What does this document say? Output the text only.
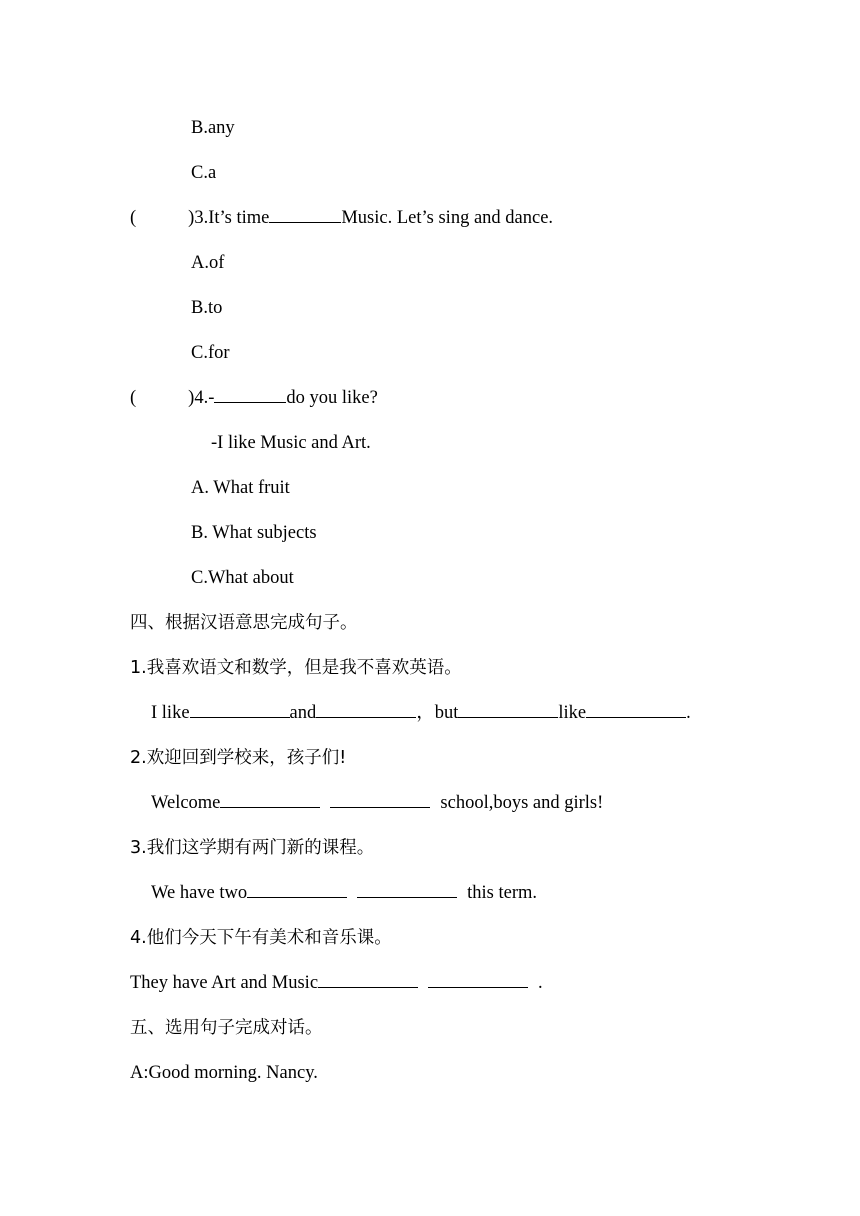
B.any
C.a
(	)3.It’s time	Music. Let’s sing and dance.
A.of
B.to
C.for
(	)4.-	do you like?
-I like Music and Art.
A. What fruit
B. What subjects
C.What about
四、根据汉语意思完成句子。
1.我喜欢语文和数学，但是我不喜欢英语。
I like	and	，but	like	.
2.欢迎回到学校来，孩子们!
Welcome	school,boys and girls!
3.我们这学期有两门新的课程。
We have two	this term.
4.他们今天下午有美术和音乐课。
They have Art and Music	.
五、选用句子完成对话。
A:Good morning. Nancy.
